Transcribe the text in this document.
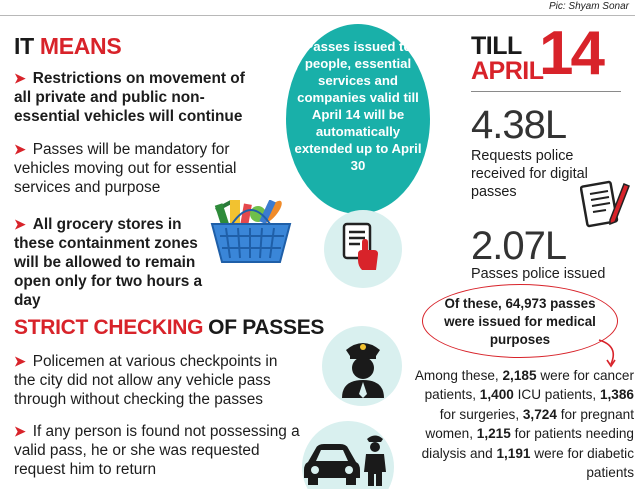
Pic: Shyam Sonar
IT MEANS
➤ Restrictions on movement of all private and public non-essential vehicles will continue
➤ Passes will be mandatory for vehicles moving out for essential services and purpose
➤ All grocery stores in these containment zones will be allowed to remain open only for two hours a day
STRICT CHECKING OF PASSES
➤ Policemen at various checkpoints in the city did not allow any vehicle pass through without checking the passes
➤ If any person is found not possessing a valid pass, he or she was requested request him to return
Passes issued to people, essential services and companies valid till April 14 will be automatically extended up to April 30
TILL
APRIL
14
4.38L
Requests police received for digital passes
2.07L
Passes police issued
Of these, 64,973 passes were issued for medical purposes
Among these, 2,185 were for cancer patients, 1,400 ICU patients, 1,386 for surgeries, 3,724 for pregnant women, 1,215 for patients needing dialysis and 1,191 were for diabetic patients
